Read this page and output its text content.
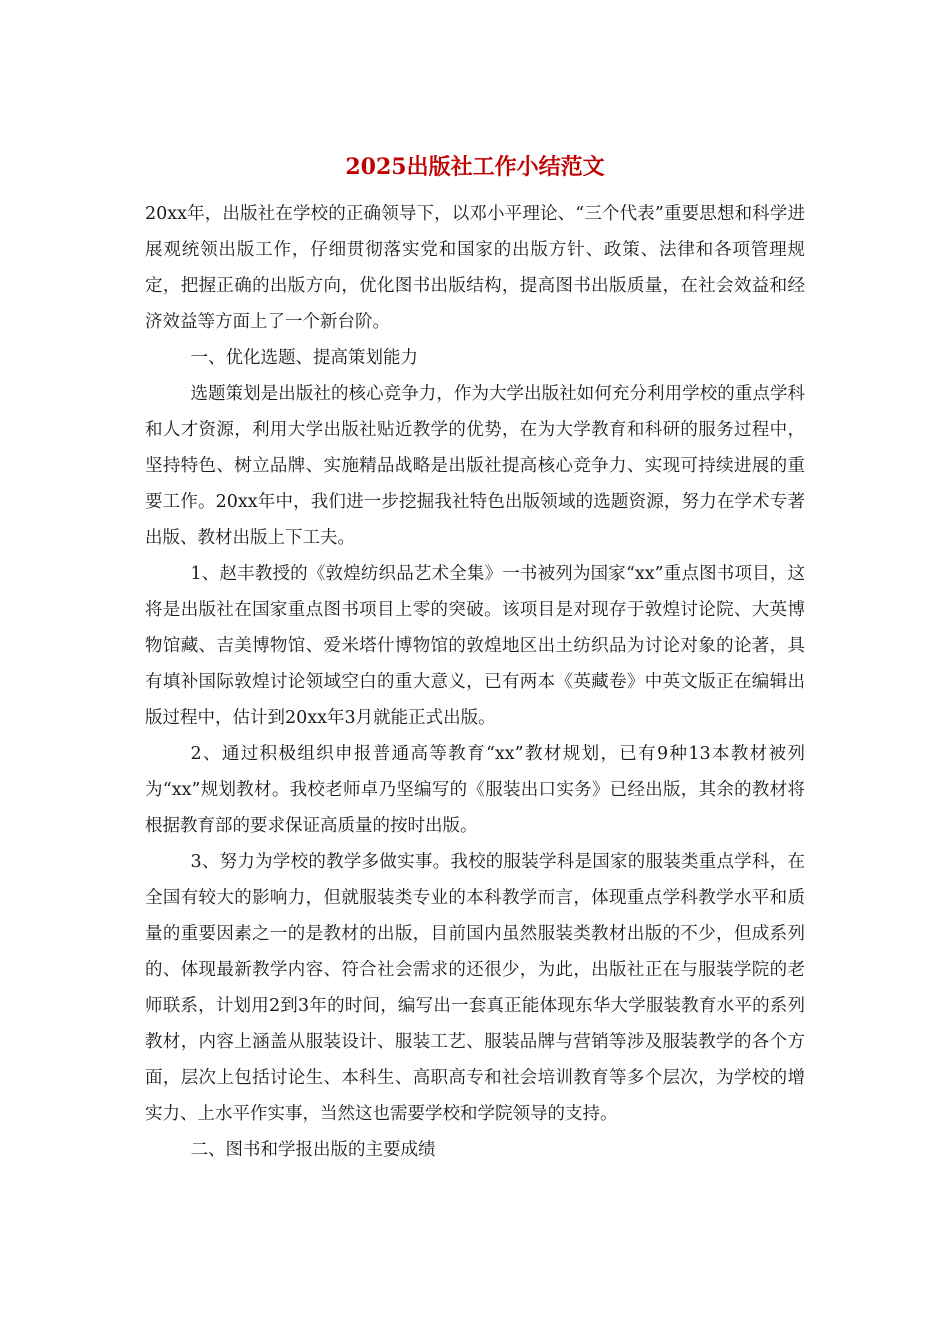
2025出版社工作小结范文

20xx年，出版社在学校的正确领导下，以邓小平理论、“三个代表”重要思想和科学进展观统领出版工作，仔细贯彻落实党和国家的出版方针、政策、法律和各项管理规定，把握正确的出版方向，优化图书出版结构，提高图书出版质量，在社会效益和经济效益等方面上了一个新台阶。

一、优化选题、提高策划能力

选题策划是出版社的核心竞争力，作为大学出版社如何充分利用学校的重点学科和人才资源，利用大学出版社贴近教学的优势，在为大学教育和科研的服务过程中，坚持特色、树立品牌、实施精品战略是出版社提高核心竞争力、实现可持续进展的重要工作。20xx年中，我们进一步挖掘我社特色出版领域的选题资源，努力在学术专著出版、教材出版上下工夫。

1、赵丰教授的《敦煌纺织品艺术全集》一书被列为国家“xx”重点图书项目，这将是出版社在国家重点图书项目上零的突破。该项目是对现存于敦煌讨论院、大英博物馆藏、吉美博物馆、爱米塔什博物馆的敦煌地区出土纺织品为讨论对象的论著，具有填补国际敦煌讨论领域空白的重大意义，已有两本《英藏卷》中英文版正在编辑出版过程中，估计到20xx年3月就能正式出版。

2、通过积极组织申报普通高等教育“xx”教材规划，已有9种13本教材被列为“xx”规划教材。我校老师卓乃坚编写的《服装出口实务》已经出版，其余的教材将根据教育部的要求保证高质量的按时出版。

3、努力为学校的教学多做实事。我校的服装学科是国家的服装类重点学科，在全国有较大的影响力，但就服装类专业的本科教学而言，体现重点学科教学水平和质量的重要因素之一的是教材的出版，目前国内虽然服装类教材出版的不少，但成系列的、体现最新教学内容、符合社会需求的还很少，为此，出版社正在与服装学院的老师联系，计划用2到3年的时间，编写出一套真正能体现东华大学服装教育水平的系列教材，内容上涵盖从服装设计、服装工艺、服装品牌与营销等涉及服装教学的各个方面，层次上包括讨论生、本科生、高职高专和社会培训教育等多个层次，为学校的增实力、上水平作实事，当然这也需要学校和学院领导的支持。

二、图书和学报出版的主要成绩
